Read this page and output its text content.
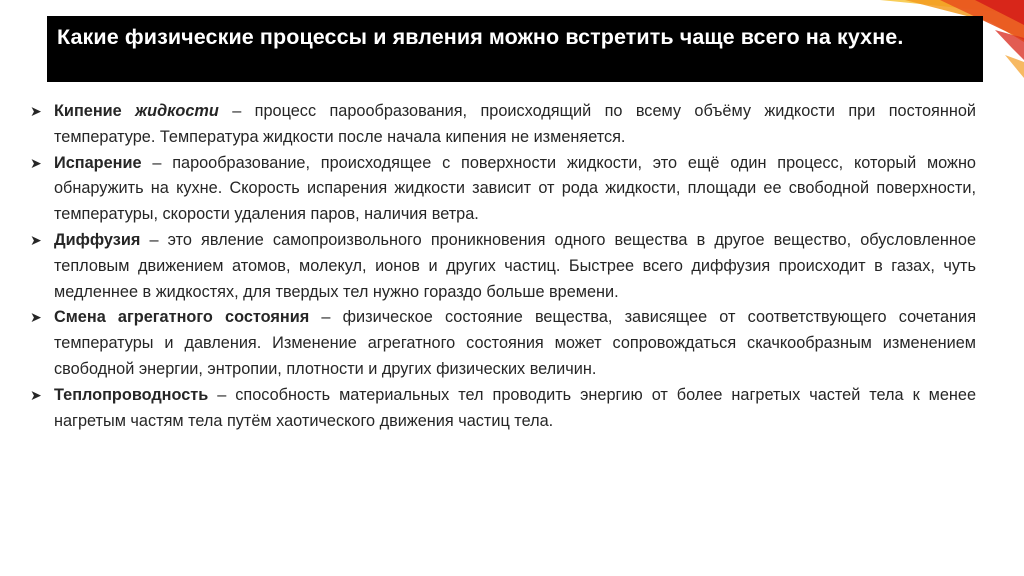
Какие физические процессы и явления можно встретить чаще всего на кухне.
➤ Кипение жидкости – процесс парообразования, происходящий по всему объёму жидкости при постоянной температуре. Температура жидкости после начала кипения не изменяется.
➤ Испарение – парообразование, происходящее с поверхности жидкости, это ещё один процесс, который можно обнаружить на кухне. Скорость испарения жидкости зависит от рода жидкости, площади ее свободной поверхности, температуры, скорости удаления паров, наличия ветра.
➤ Диффузия – это явление самопроизвольного проникновения одного вещества в другое вещество, обусловленное тепловым движением атомов, молекул, ионов и других частиц. Быстрее всего диффузия происходит в газах, чуть медленнее в жидкостях, для твердых тел нужно гораздо больше времени.
➤ Смена агрегатного состояния – физическое состояние вещества, зависящее от соответствующего сочетания температуры и давления. Изменение агрегатного состояния может сопровождаться скачкообразным изменением свободной энергии, энтропии, плотности и других физических величин.
➤ Теплопроводность – способность материальных тел проводить энергию от более нагретых частей тела к менее нагретым частям тела путём хаотического движения частиц тела.
